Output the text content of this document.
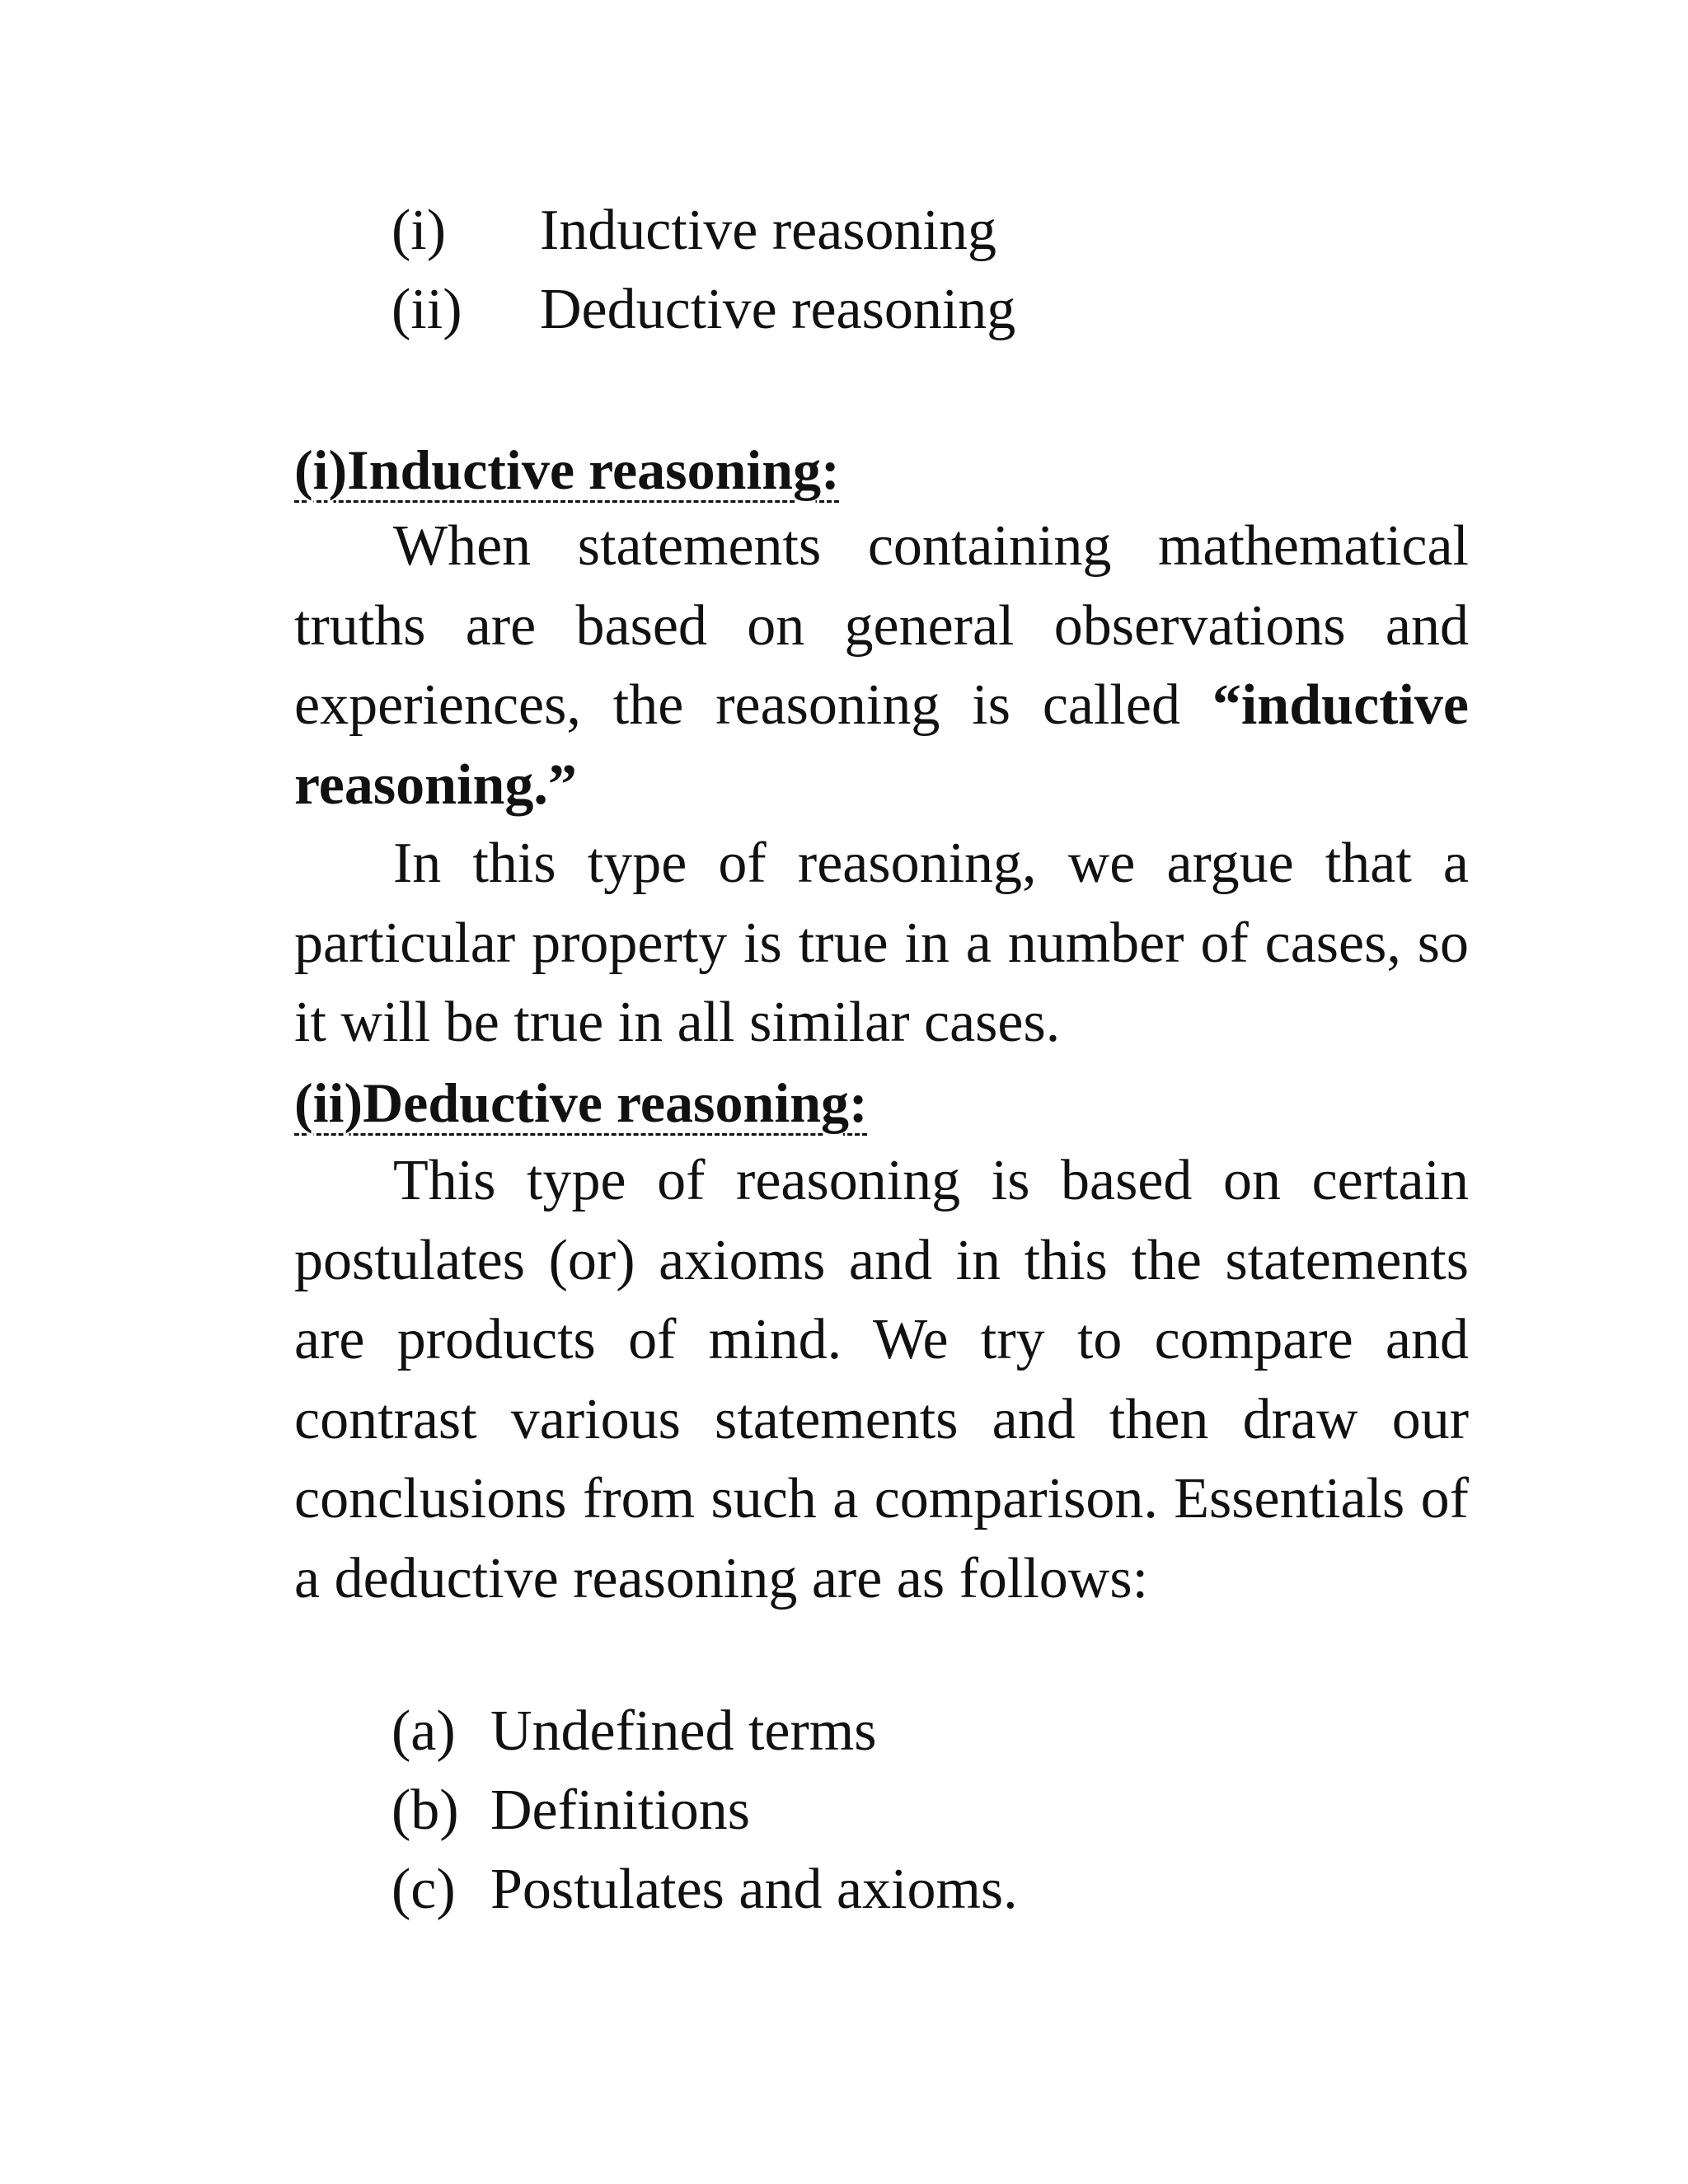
(i) Inductive reasoning
(ii) Deductive reasoning
(i)Inductive reasoning:
When statements containing mathematical truths are based on general observations and experiences, the reasoning is called “inductive reasoning.”
In this type of reasoning, we argue that a particular property is true in a number of cases, so it will be true in all similar cases.
(ii)Deductive reasoning:
This type of reasoning is based on certain postulates (or) axioms and in this the statements are products of mind. We try to compare and contrast various statements and then draw our conclusions from such a comparison. Essentials of a deductive reasoning are as follows:
(a) Undefined terms
(b) Definitions
(c) Postulates and axioms.
